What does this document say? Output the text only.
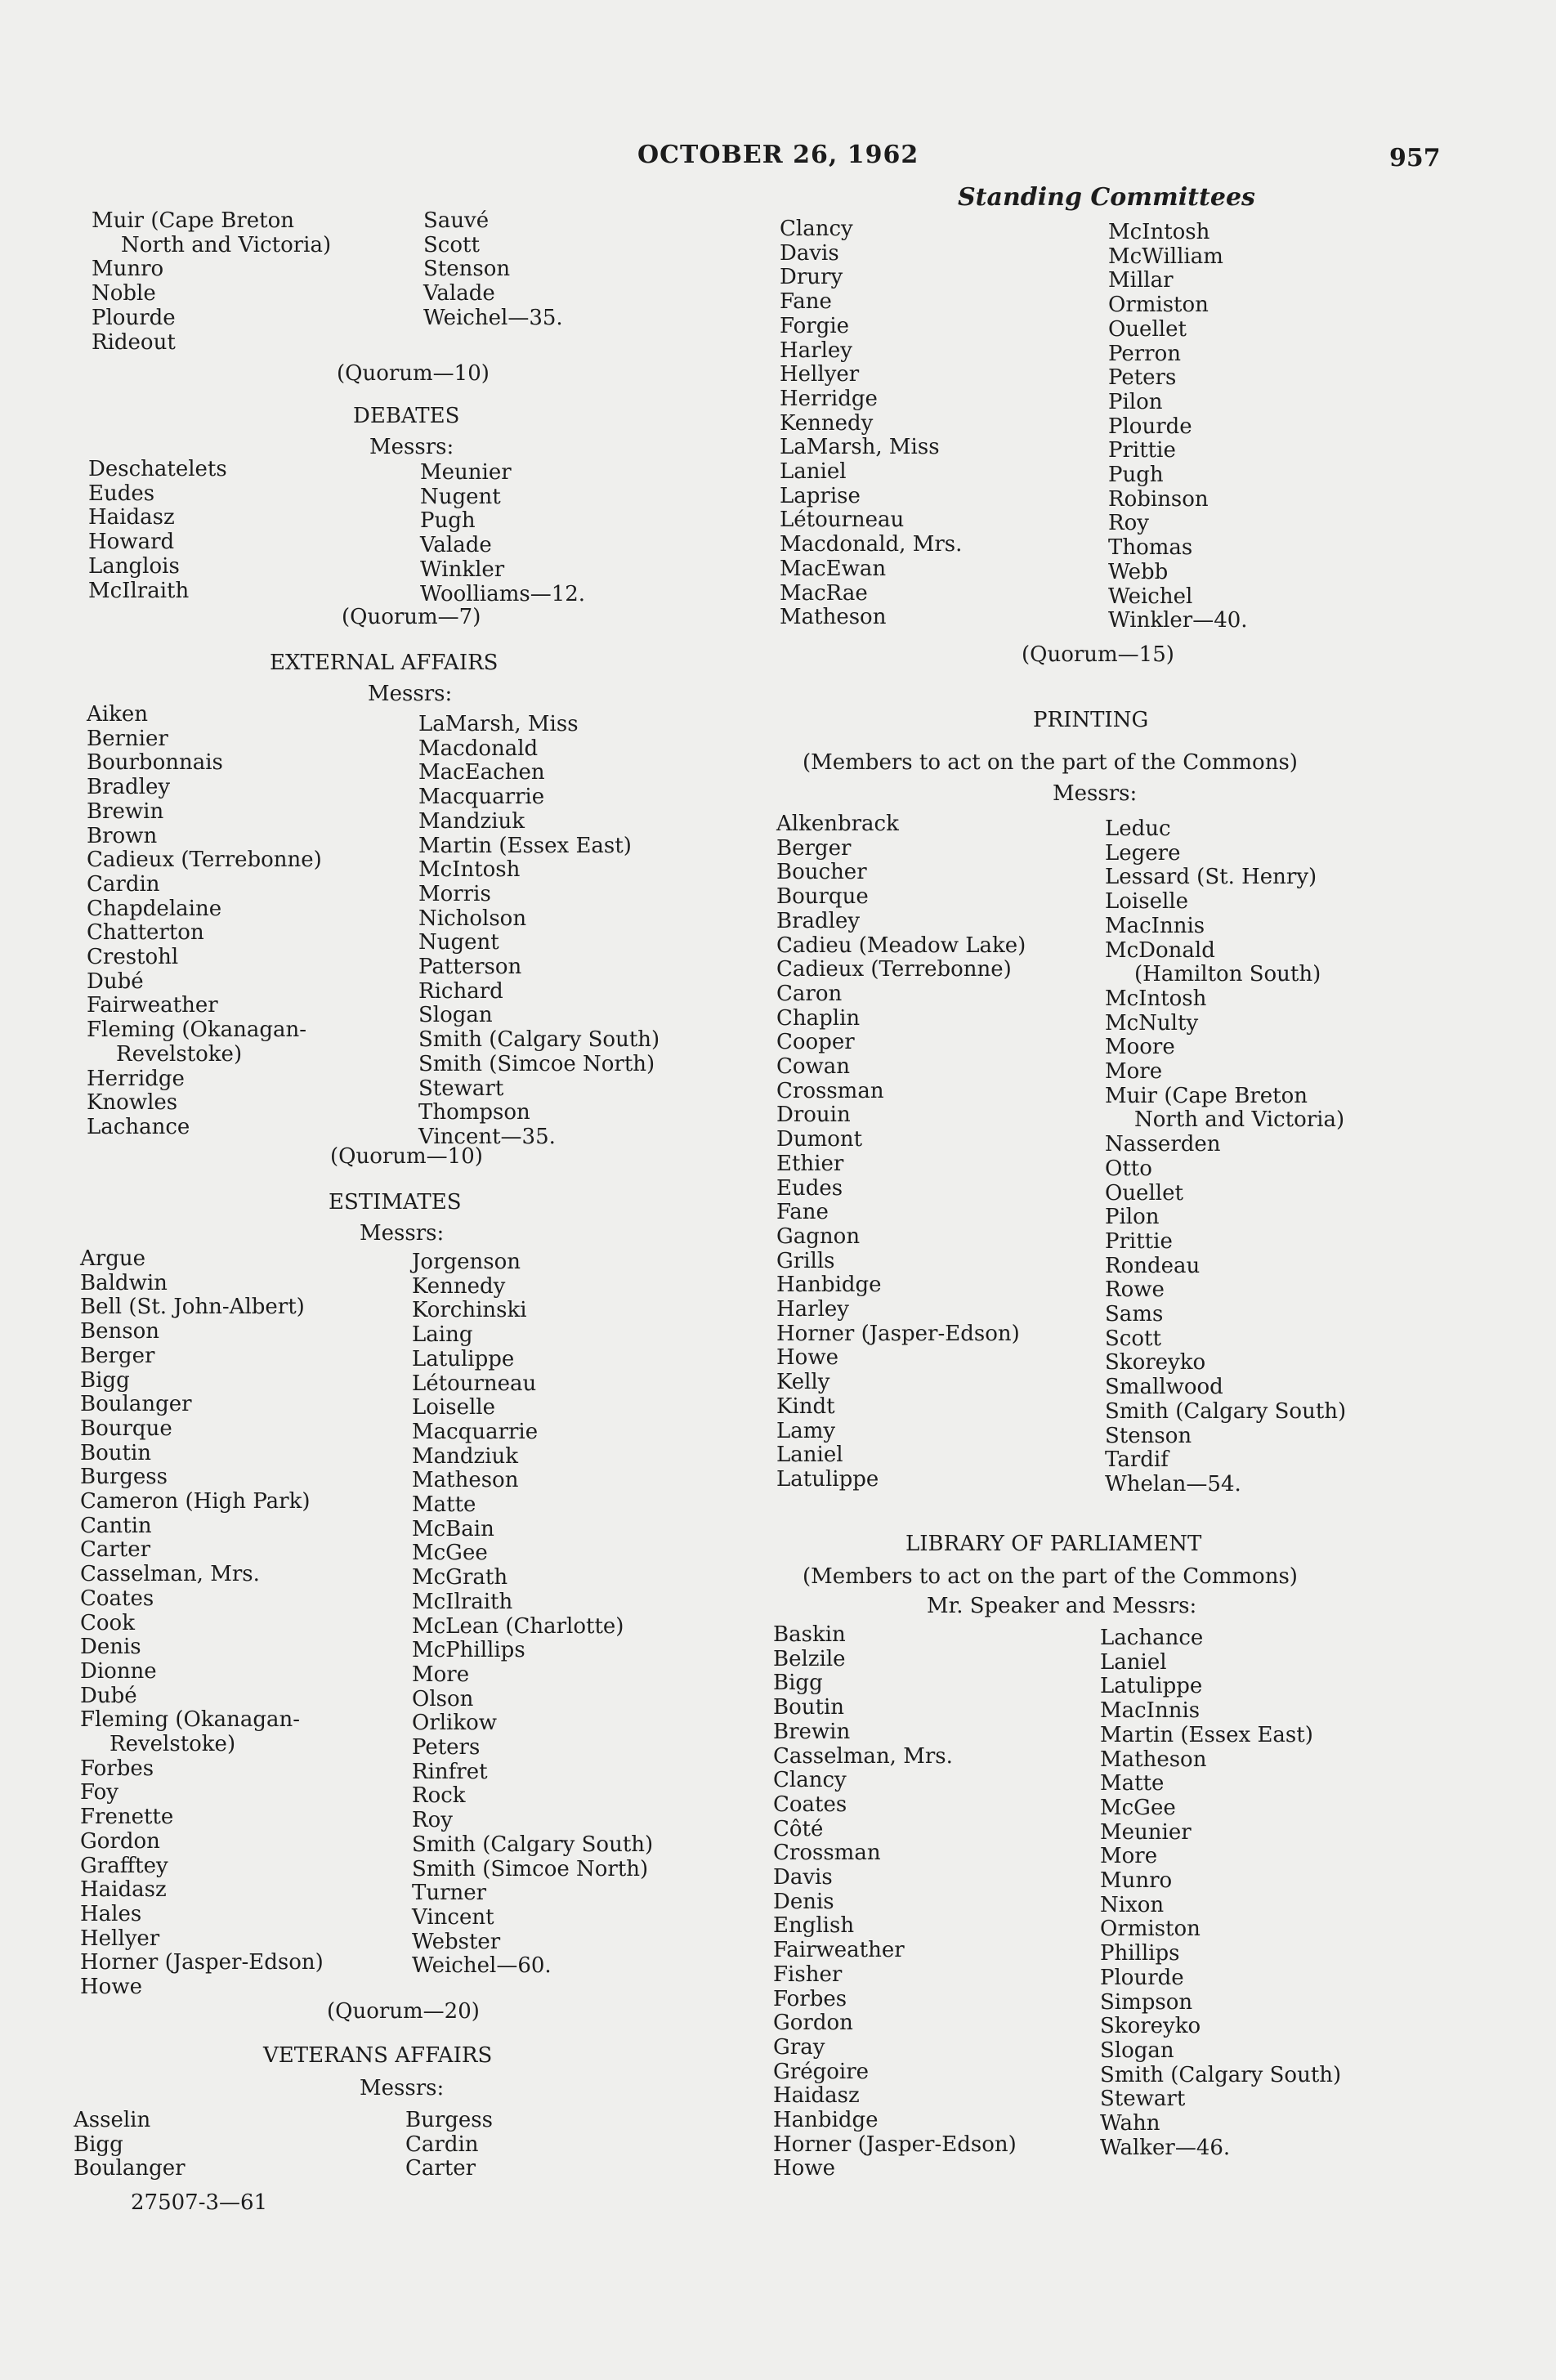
OCTOBER 26, 1962	957
Standing Committees
Muir (Cape Breton
North and Victoria)
Munro
Noble
Plourde
Rideout
Sauvé
Scott
Stenson
Valade
Weichel—35.
(Quorum—10)
DEBATES
Messrs:
Deschatelets
Eudes
Haidasz
Howard
Langlois
McIlraith
Meunier
Nugent
Pugh
Valade
Winkler
Woolliams—12.
(Quorum—7)
EXTERNAL AFFAIRS
Messrs:
Aiken
Bernier
Bourbonnais
Bradley
Brewin
Brown
Cadieux (Terrebonne)
Cardin
Chapdelaine
Chatterton
Crestohl
Dubé
Fairweather
Fleming (Okanagan-
Revelstoke)
Herridge
Knowles
Lachance
LaMarsh, Miss
Macdonald
MacEachen
Macquarrie
Mandziuk
Martin (Essex East)
McIntosh
Morris
Nicholson
Nugent
Patterson
Richard
Slogan
Smith (Calgary South)
Smith (Simcoe North)
Stewart
Thompson
Vincent—35.
(Quorum—10)
ESTIMATES
Messrs:
Argue
Baldwin
Bell (St. John-Albert)
Benson
Berger
Bigg
Boulanger
Bourque
Boutin
Burgess
Cameron (High Park)
Cantin
Carter
Casselman, Mrs.
Coates
Cook
Denis
Dionne
Dubé
Fleming (Okanagan-
Revelstoke)
Forbes
Foy
Frenette
Gordon
Grafftey
Haidasz
Hales
Hellyer
Horner (Jasper-Edson)
Howe
Jorgenson
Kennedy
Korchinski
Laing
Latulippe
Létourneau
Loiselle
Macquarrie
Mandziuk
Matheson
Matte
McBain
McGee
McGrath
McIlraith
McLean (Charlotte)
McPhillips
More
Olson
Orlikow
Peters
Rinfret
Rock
Roy
Smith (Calgary South)
Smith (Simcoe North)
Turner
Vincent
Webster
Weichel—60.
(Quorum—20)
VETERANS AFFAIRS
Messrs:
Asselin
Bigg
Boulanger
Burgess
Cardin
Carter
27507-3—61
Clancy
Davis
Drury
Fane
Forgie
Harley
Hellyer
Herridge
Kennedy
LaMarsh, Miss
Laniel
Laprise
Létourneau
Macdonald, Mrs.
MacEwan
MacRae
Matheson
McIntosh
McWilliam
Millar
Ormiston
Ouellet
Perron
Peters
Pilon
Plourde
Prittie
Pugh
Robinson
Roy
Thomas
Webb
Weichel
Winkler—40.
(Quorum—15)
PRINTING
(Members to act on the part of the Commons)
Messrs:
Alkenbrack
Berger
Boucher
Bourque
Bradley
Cadieu (Meadow Lake)
Cadieux (Terrebonne)
Caron
Chaplin
Cooper
Cowan
Crossman
Drouin
Dumont
Ethier
Eudes
Fane
Gagnon
Grills
Hanbidge
Harley
Horner (Jasper-Edson)
Howe
Kelly
Kindt
Lamy
Laniel
Latulippe
Leduc
Legere
Lessard (St. Henry)
Loiselle
MacInnis
McDonald
(Hamilton South)
McIntosh
McNulty
Moore
More
Muir (Cape Breton
North and Victoria)
Nasserden
Otto
Ouellet
Pilon
Prittie
Rondeau
Rowe
Sams
Scott
Skoreyko
Smallwood
Smith (Calgary South)
Stenson
Tardif
Whelan—54.
LIBRARY OF PARLIAMENT
(Members to act on the part of the Commons)
Mr. Speaker and Messrs:
Baskin
Belzile
Bigg
Boutin
Brewin
Casselman, Mrs.
Clancy
Coates
Côté
Crossman
Davis
Denis
English
Fairweather
Fisher
Forbes
Gordon
Gray
Grégoire
Haidasz
Hanbidge
Horner (Jasper-Edson)
Howe
Lachance
Laniel
Latulippe
MacInnis
Martin (Essex East)
Matheson
Matte
McGee
Meunier
More
Munro
Nixon
Ormiston
Phillips
Plourde
Simpson
Skoreyko
Slogan
Smith (Calgary South)
Stewart
Wahn
Walker—46.
